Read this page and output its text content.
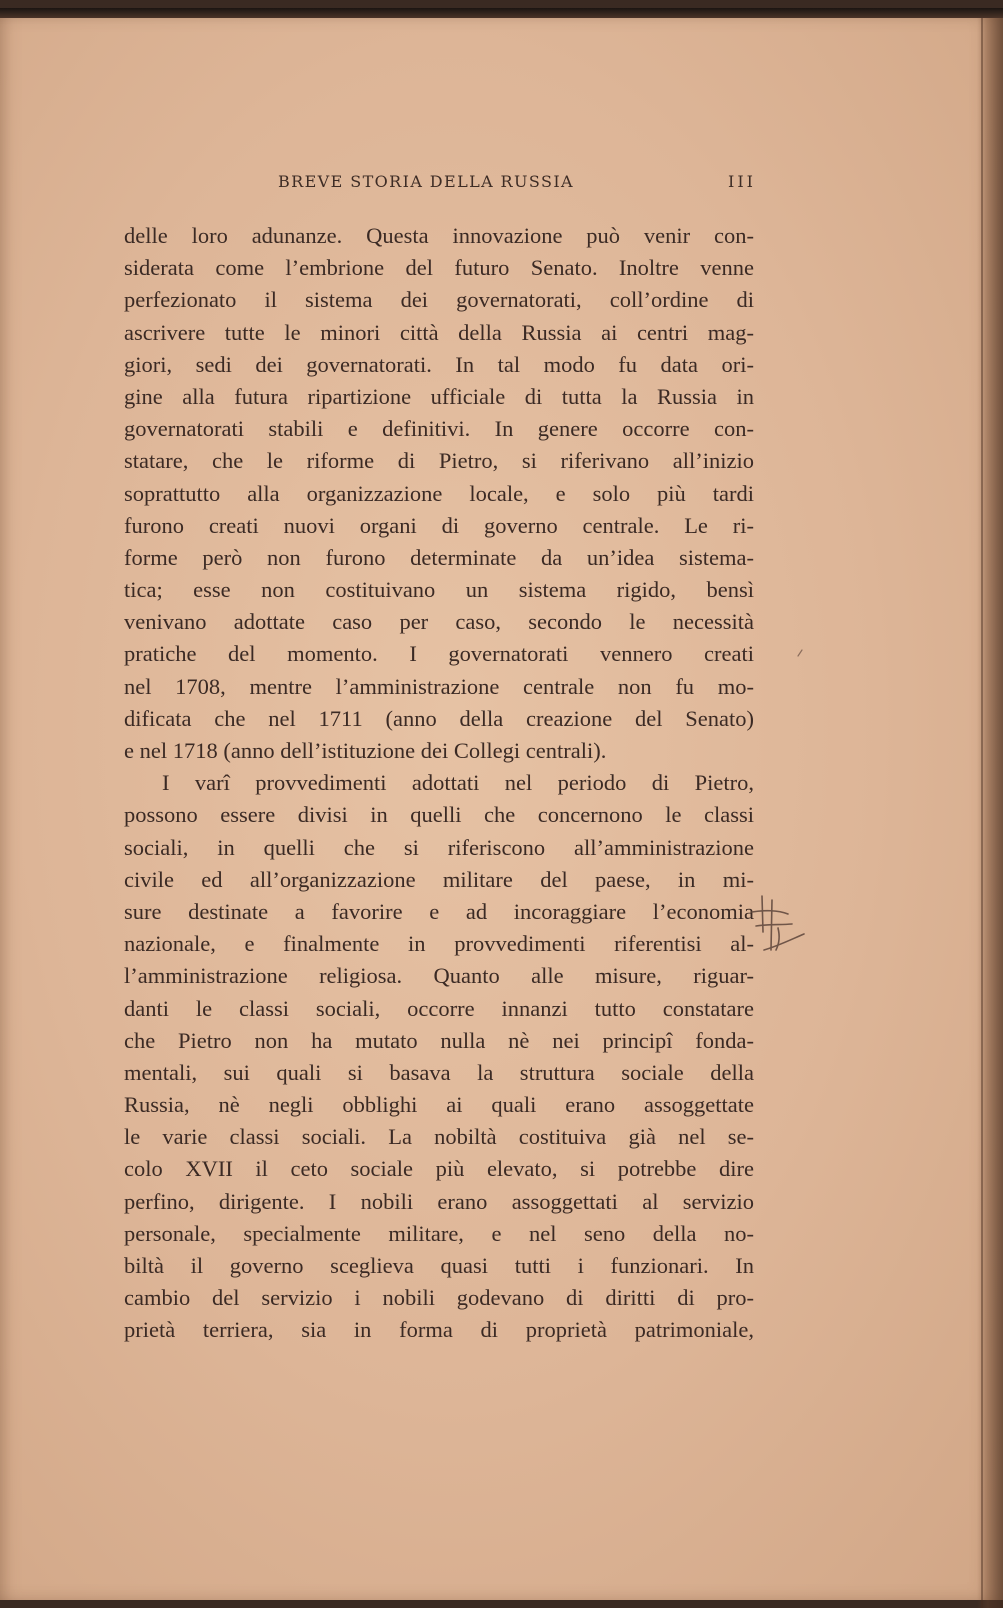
BREVE STORIA DELLA RUSSIA	III
delle loro adunanze. Questa innovazione può venir con-
siderata come l’embrione del futuro Senato. Inoltre venne
perfezionato il sistema dei governatorati, coll’ordine di
ascrivere tutte le minori città della Russia ai centri mag-
giori, sedi dei governatorati. In tal modo fu data ori-
gine alla futura ripartizione ufficiale di tutta la Russia in
governatorati stabili e definitivi. In genere occorre con-
statare, che le riforme di Pietro, si riferivano all’inizio
soprattutto alla organizzazione locale, e solo più tardi
furono creati nuovi organi di governo centrale. Le ri-
forme però non furono determinate da un’idea sistema-
tica; esse non costituivano un sistema rigido, bensì
venivano adottate caso per caso, secondo le necessità
pratiche del momento. I governatorati vennero creati
nel 1708, mentre l’amministrazione centrale non fu mo-
dificata che nel 1711 (anno della creazione del Senato)
e nel 1718 (anno dell’istituzione dei Collegi centrali).
I varî provvedimenti adottati nel periodo di Pietro,
possono essere divisi in quelli che concernono le classi
sociali, in quelli che si riferiscono all’amministrazione
civile ed all’organizzazione militare del paese, in mi-
sure destinate a favorire e ad incoraggiare l’economia
nazionale, e finalmente in provvedimenti riferentisi al-
l’amministrazione religiosa. Quanto alle misure, riguar-
danti le classi sociali, occorre innanzi tutto constatare
che Pietro non ha mutato nulla nè nei principî fonda-
mentali, sui quali si basava la struttura sociale della
Russia, nè negli obblighi ai quali erano assoggettate
le varie classi sociali. La nobiltà costituiva già nel se-
colo XVII il ceto sociale più elevato, si potrebbe dire
perfino, dirigente. I nobili erano assoggettati al servizio
personale, specialmente militare, e nel seno della no-
biltà il governo sceglieva quasi tutti i funzionari. In
cambio del servizio i nobili godevano di diritti di pro-
prietà terriera, sia in forma di proprietà patrimoniale,
